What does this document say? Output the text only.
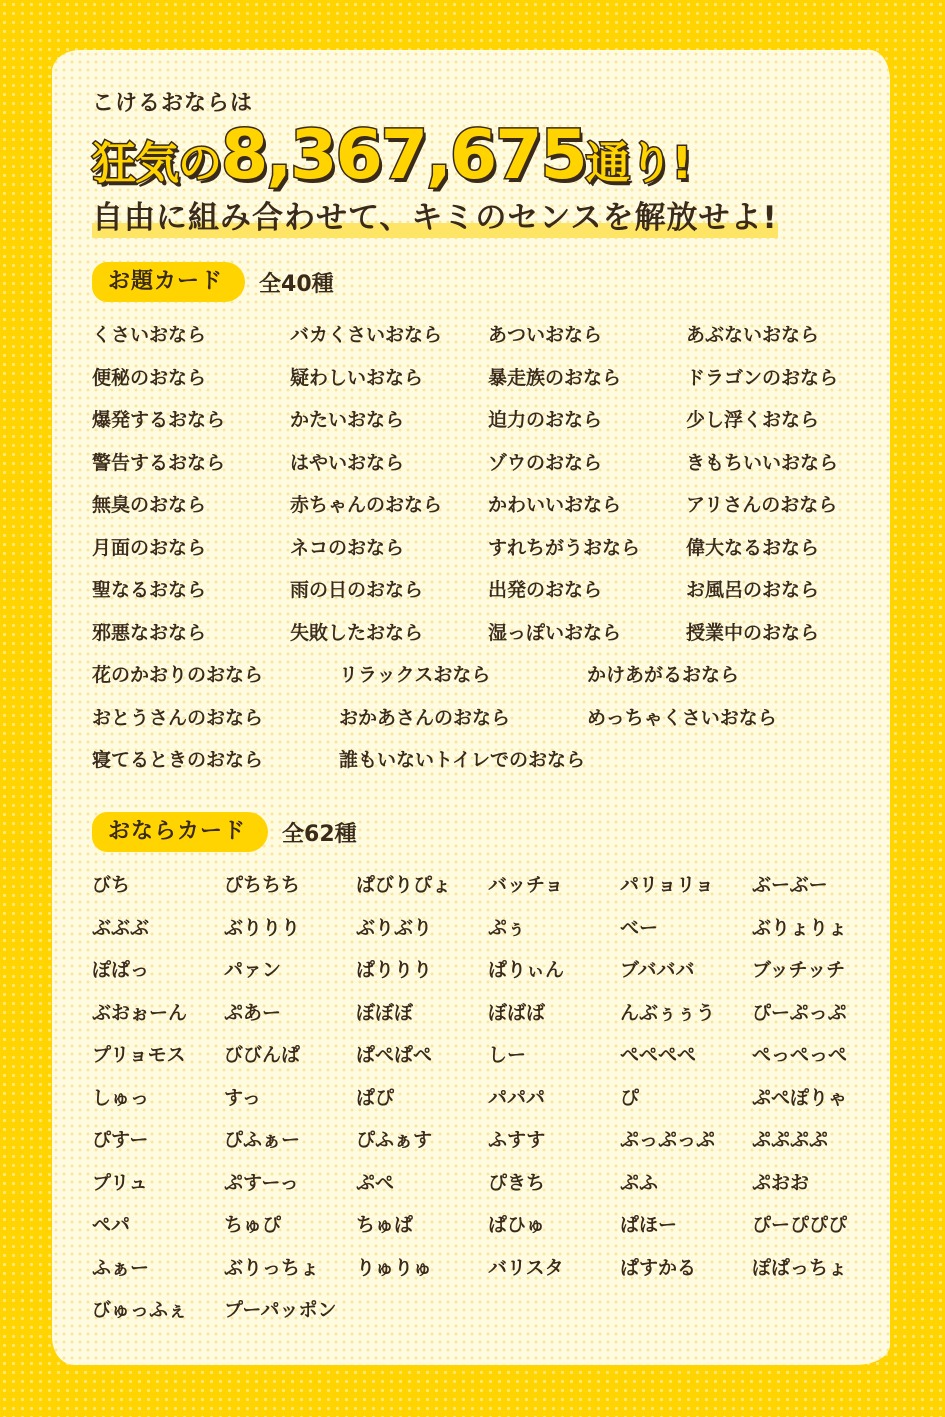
こけるおならは
狂気の8,367,675通り!
自由に組み合わせて、キミのセンスを解放せよ!
お題カード	全40種
くさいおなら	バカくさいおなら	あついおなら	あぶないおなら
便秘のおなら	疑わしいおなら	暴走族のおなら	ドラゴンのおなら
爆発するおなら	かたいおなら	迫力のおなら	少し浮くおなら
警告するおなら	はやいおなら	ゾウのおなら	きもちいいおなら
無臭のおなら	赤ちゃんのおなら	かわいいおなら	アリさんのおなら
月面のおなら	ネコのおなら	すれちがうおなら	偉大なるおなら
聖なるおなら	雨の日のおなら	出発のおなら	お風呂のおなら
邪悪なおなら	失敗したおなら	湿っぽいおなら	授業中のおなら
花のかおりのおなら	リラックスおなら	かけあがるおなら
おとうさんのおなら	おかあさんのおなら	めっちゃくさいおなら
寝てるときのおなら	誰もいないトイレでのおなら
おならカード	全62種
びち	ぴちちち	ぱびりぴょ	バッチョ	パリョリョ	ぶーぶー
ぶぶぶ	ぶりりり	ぶりぶり	ぷぅ	べー	ぶりょりょ
ぽぱっ	パァン	ぱりりり	ぱりぃん	ブバババ	ブッチッチ
ぶおぉーん	ぷあー	ぼぼぼ	ぼばば	んぶぅぅう	ぴーぷっぷ
プリョモス	びびんぱ	ぱぺぱぺ	しー	ぺぺぺぺ	ぺっぺっぺ
しゅっ	すっ	ぱぴ	パパパ	ぴ	ぷぺぽりゃ
ぴすー	ぴふぁー	ぴふぁす	ふすす	ぷっぷっぷ	ぷぷぷぷ
プリュ	ぷすーっ	ぷぺ	ぴきち	ぷふ	ぷおお
ぺパ	ちゅぴ	ちゅぱ	ぱひゅ	ぱほー	ぴーぴぴぴ
ふぁー	ぶりっちょ	りゅりゅ	バリスタ	ぱすかる	ぽぱっちょ
びゅっふぇ	プーパッポン
